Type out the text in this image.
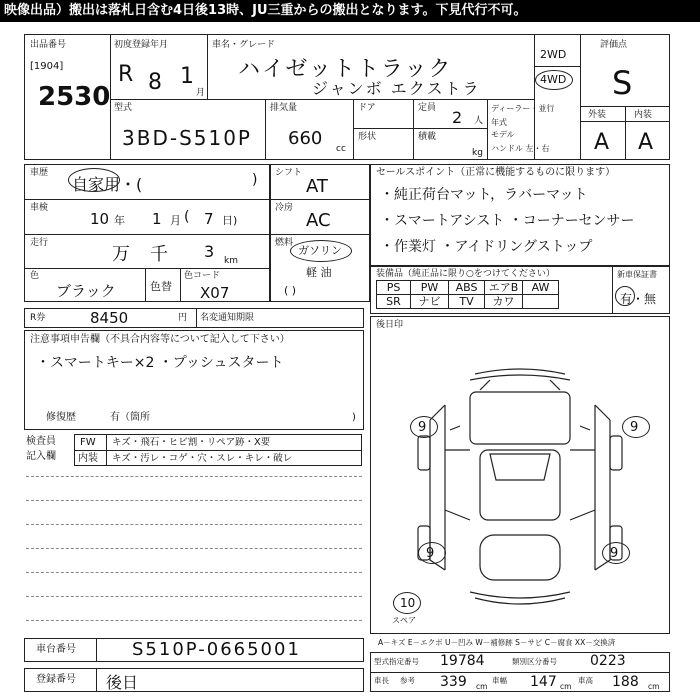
映像出品）搬出は落札日含む4日後13時、JU三重からの搬出となります。下見代行不可。
出品番号
[1904]
2530
初度登録年月
R 8 1
月
車名・グレード
ハイゼットトラック
ジャンボ エクストラ
2WD
4WD
評価点
S
型式
3BD-S510P
排気量
660 cc
ドア
形状
定員 2 人
積載
kg
ディーラー・並行
年式
モデル
ハンドル 左・右
外装	内装
A A
車歴
自家用・(	)
車検
10 年 1 月 ( 7 日)
走行
万 千 3 km
色
ブラック	色替
色コード
X07
シフト
AT
冷房
AC
燃料
ガソリン
軽 油
( )
セールスポイント（正常に機能するものに限ります）
・純正荷台マット，ラバーマット
・スマートアシスト ・コーナーセンサー
・作業灯 ・アイドリングストップ
装備品（純正品に限り○をつけてください）
PS	PW	ABS	エアB	AW
SR	ナビ	TV	カワ	
新車保証書
有・無
R券	8450	円 名変通知期限
注意事項申告欄（不具合内容等について記入して下さい）
・スマートキー×2 ・プッシュスタート
修復歴	有（箇所	)
検査員
記入欄
FW キズ・飛石・ヒビ割・リペア跡・X要
内装 キズ・汚レ・コゲ・穴・スレ・キレ・破レ
後日印
9	9
9	9
10
スペア
A－キズ E－エクボ U－凹み W－補修跡 S－サビ C－腐食 XX－交換済
車台番号	S510P-0665001
登録番号 後日
型式指定番号 19784	類別区分番号 0223
車長 参考 339 cm
車幅 147 cm
車高 188 cm
